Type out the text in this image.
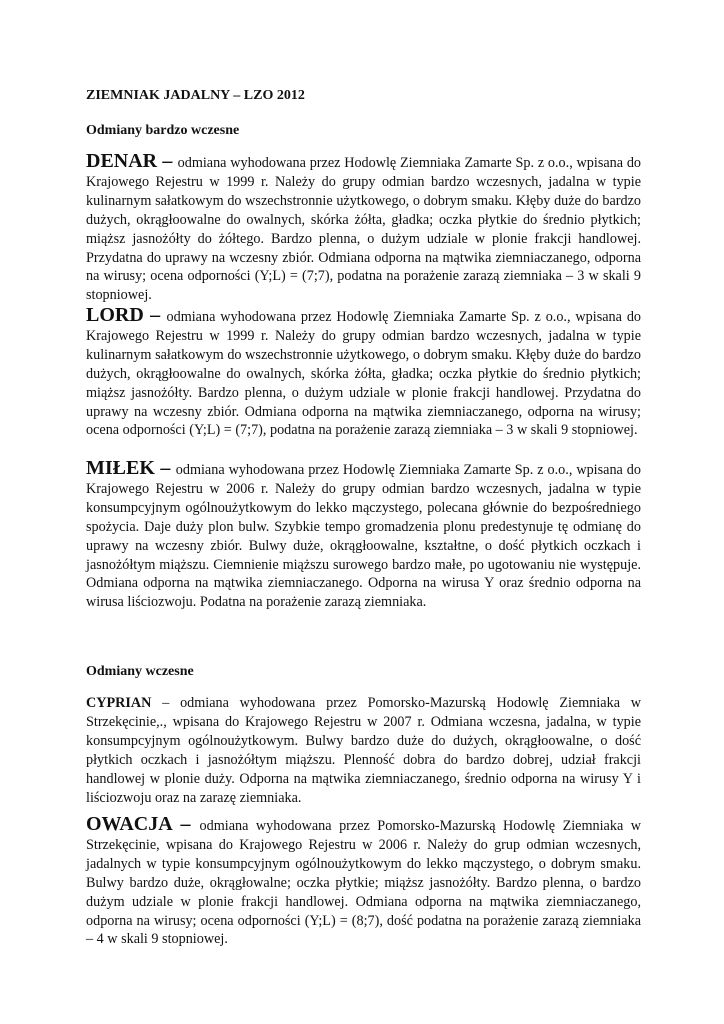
ZIEMNIAK JADALNY – LZO 2012
Odmiany bardzo wczesne
DENAR – odmiana wyhodowana przez Hodowlę Ziemniaka Zamarte Sp. z o.o., wpisana do Krajowego Rejestru w 1999 r. Należy do grupy odmian bardzo wczesnych, jadalna w typie kulinarnym sałatkowym do wszechstronnie użytkowego, o dobrym smaku. Kłęby duże do bardzo dużych, okrągłoowalne do owalnych, skórka żółta, gładka; oczka płytkie do średnio płytkich; miąższ jasnożółty do żółtego. Bardzo plenna, o dużym udziale w plonie frakcji handlowej. Przydatna do uprawy na wczesny zbiór. Odmiana odporna na mątwika ziemniaczanego, odporna na wirusy; ocena odporności (Y;L) = (7;7), podatna na porażenie zarazą ziemniaka – 3 w skali 9 stopniowej.
LORD – odmiana wyhodowana przez Hodowlę Ziemniaka Zamarte Sp. z o.o., wpisana do Krajowego Rejestru w 1999 r. Należy do grupy odmian bardzo wczesnych, jadalna w typie kulinarnym sałatkowym do wszechstronnie użytkowego, o dobrym smaku. Kłęby duże do bardzo dużych, okrągłoowalne do owalnych, skórka żółta, gładka; oczka płytkie do średnio płytkich; miąższ jasnożółty. Bardzo plenna, o dużym udziale w plonie frakcji handlowej. Przydatna do uprawy na wczesny zbiór. Odmiana odporna na mątwika ziemniaczanego, odporna na wirusy; ocena odporności (Y;L) = (7;7), podatna na porażenie zarazą ziemniaka – 3 w skali 9 stopniowej.
MIŁEK – odmiana wyhodowana przez Hodowlę Ziemniaka Zamarte Sp. z o.o., wpisana do Krajowego Rejestru w 2006 r. Należy do grupy odmian bardzo wczesnych, jadalna w typie konsumpcyjnym ogólnoużytkowym do lekko mączystego, polecana głównie do bezpośredniego spożycia. Daje duży plon bulw. Szybkie tempo gromadzenia plonu predestynuje tę odmianę do uprawy na wczesny zbiór. Bulwy duże, okrągłoowalne, kształtne, o dość płytkich oczkach i jasnożółtym miąższu. Ciemnienie miąższu surowego bardzo małe, po ugotowaniu nie występuje. Odmiana odporna na mątwika ziemniaczanego. Odporna na wirusa Y oraz średnio odporna na wirusa liściozwoju. Podatna na porażenie zarazą ziemniaka.
Odmiany wczesne
CYPRIAN – odmiana wyhodowana przez Pomorsko-Mazurską Hodowlę Ziemniaka w Strzekęcinie,., wpisana do Krajowego Rejestru w 2007 r. Odmiana wczesna, jadalna, w typie konsumpcyjnym ogólnoużytkowym. Bulwy bardzo duże do dużych, okrągłoowalne, o dość płytkich oczkach i jasnożółtym miąższu. Plenność dobra do bardzo dobrej, udział frakcji handlowej w plonie duży. Odporna na mątwika ziemniaczanego, średnio odporna na wirusy Y i liściozwoju oraz na zarazę ziemniaka.
OWACJA – odmiana wyhodowana przez Pomorsko-Mazurską Hodowlę Ziemniaka w Strzekęcinie, wpisana do Krajowego Rejestru w 2006 r. Należy do grup odmian wczesnych, jadalnych w typie konsumpcyjnym ogólnoużytkowym do lekko mączystego, o dobrym smaku. Bulwy bardzo duże, okrągłowalne; oczka płytkie; miąższ jasnożółty. Bardzo plenna, o bardzo dużym udziale w plonie frakcji handlowej. Odmiana odporna na mątwika ziemniaczanego, odporna na wirusy; ocena odporności (Y;L) = (8;7), dość podatna na porażenie zarazą ziemniaka – 4 w skali 9 stopniowej.
